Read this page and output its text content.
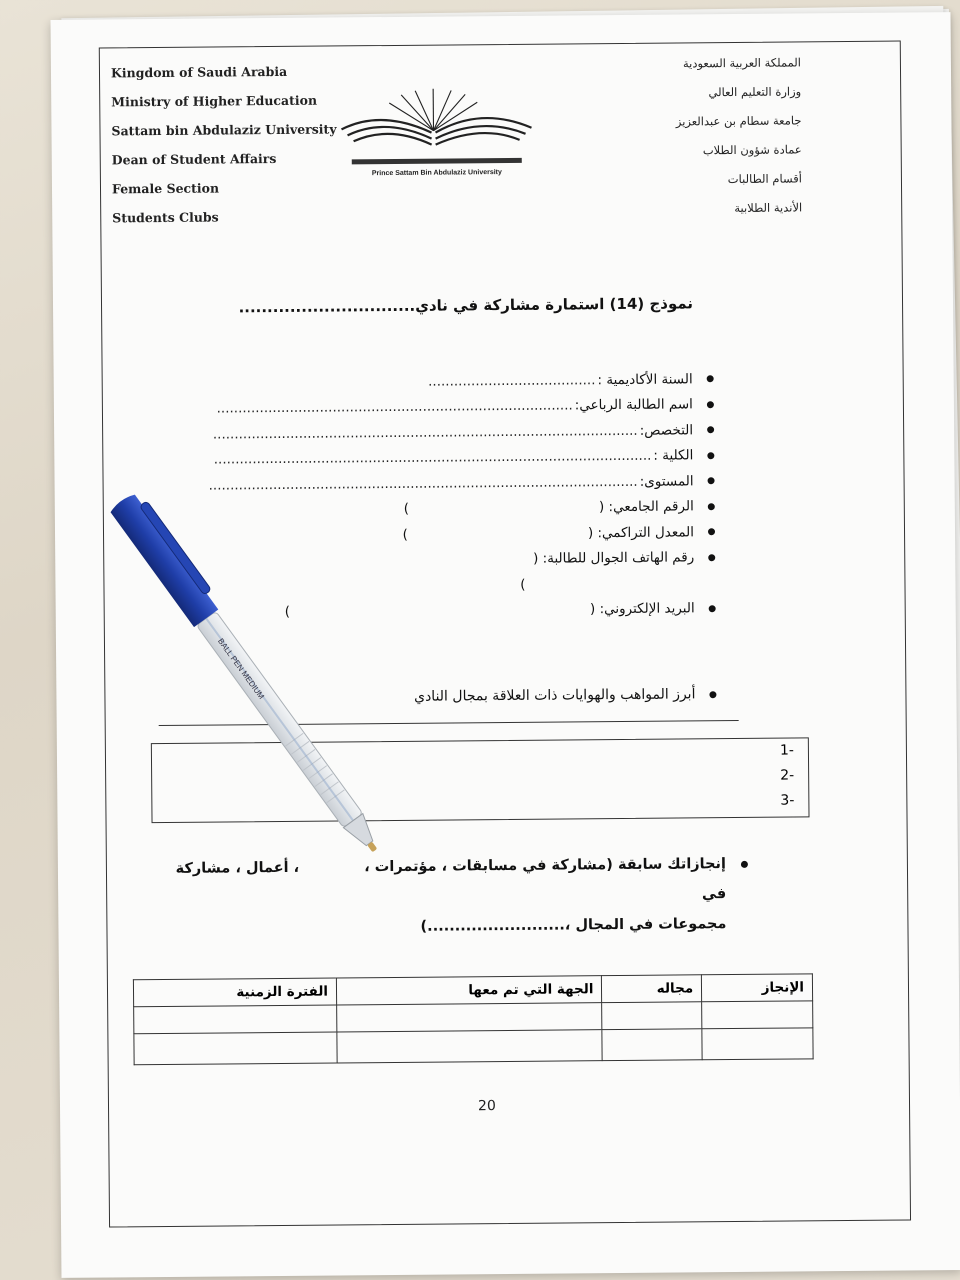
Kingdom of Saudi Arabia
Ministry of Higher Education
Sattam bin Abdulaziz University
Dean of Student Affairs
Female Section
Students Clubs
Prince Sattam Bin Abdulaziz University
المملكة العربية السعودية
وزارة التعليم العالي
جامعة سطام بن عبدالعزيز
عمادة شؤون الطلاب
أقسام الطالبات
الأندية الطلابية
نموذج (14) استمارة مشاركة في نادي...............................
السنة الأكاديمية :
.......................................
اسم الطالبة الرباعي:
...................................................................................
التخصص:
...................................................................................................
الكلية :
......................................................................................................
المستوى:
....................................................................................................
الرقم الجامعي: (
)
المعدل التراكمي: (
)
رقم الهاتف الجوال للطالبة: (
)
البريد الإلكتروني: (
)
أبرز المواهب والهوايات ذات العلاقة بمجال النادي
-1
-2
-3
إنجازاتك سابقة (مشاركة في مسابقات ، مؤتمرات ، ، أعمال ، مشاركة في
مجموعات في المجال ،.........................)
الإنجاز	مجاله	الجهة التي تم معها	الفترة الزمنية

20
BALL PEN MEDIUM
